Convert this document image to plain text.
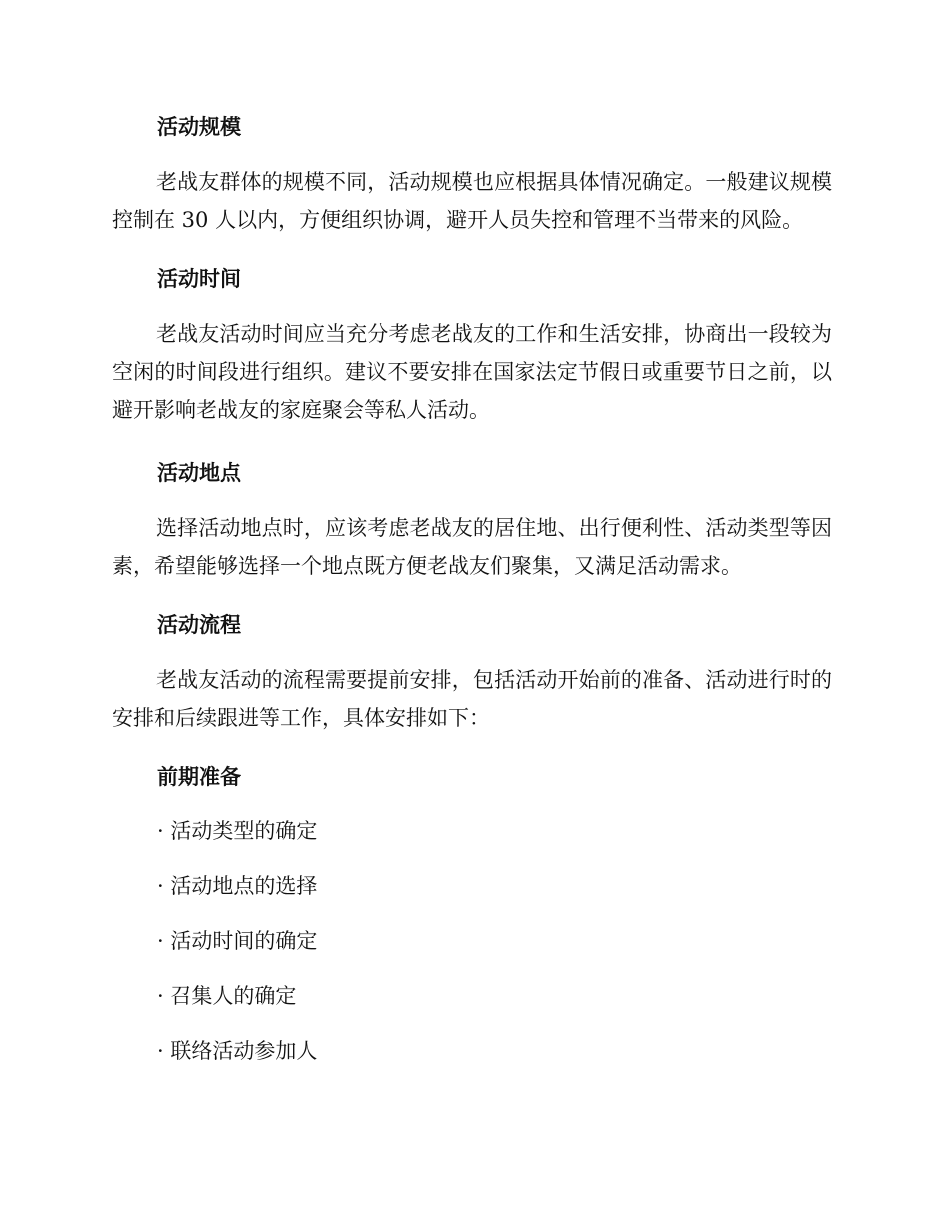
活动规模

老战友群体的规模不同，活动规模也应根据具体情况确定。一般建议规模控制在 30 人以内，方便组织协调，避开人员失控和管理不当带来的风险。

活动时间

老战友活动时间应当充分考虑老战友的工作和生活安排，协商出一段较为空闲的时间段进行组织。建议不要安排在国家法定节假日或重要节日之前，以避开影响老战友的家庭聚会等私人活动。

活动地点

选择活动地点时，应该考虑老战友的居住地、出行便利性、活动类型等因素，希望能够选择一个地点既方便老战友们聚集，又满足活动需求。

活动流程

老战友活动的流程需要提前安排，包括活动开始前的准备、活动进行时的安排和后续跟进等工作，具体安排如下：

前期准备
· 活动类型的确定
· 活动地点的选择
· 活动时间的确定
· 召集人的确定
· 联络活动参加人
